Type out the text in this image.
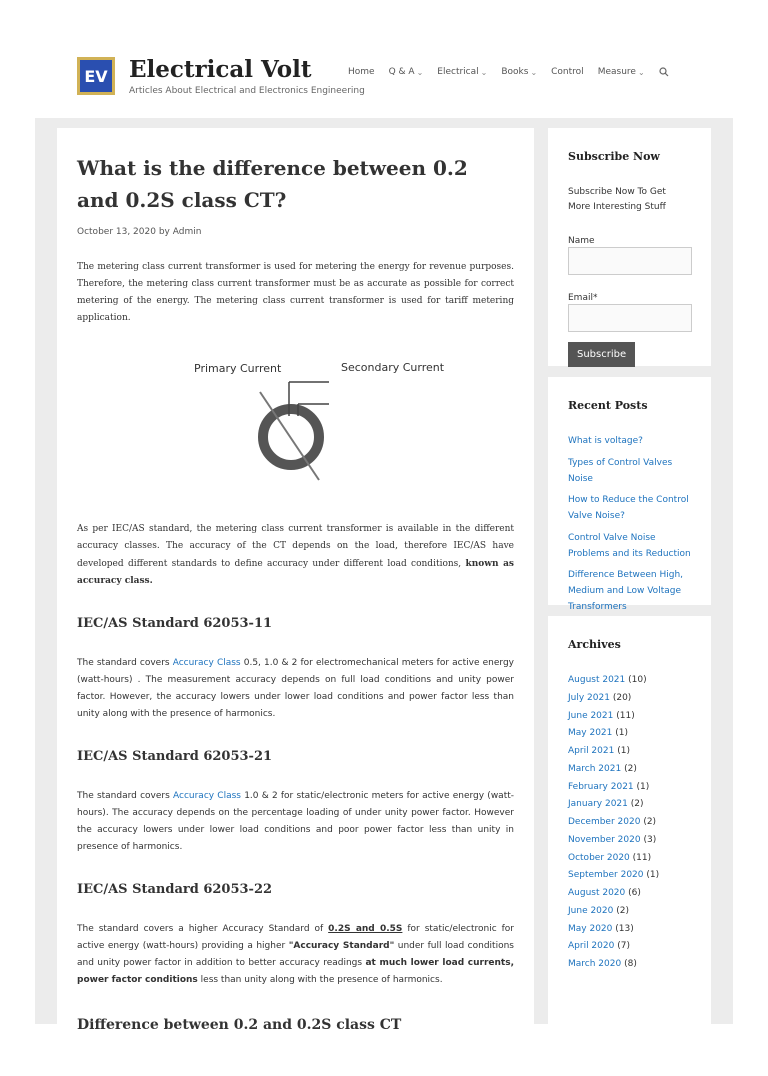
EV Electrical Volt
Articles About Electrical and Electronics Engineering
Home Q & A ⌄ Electrical ⌄ Books ⌄ Control Measure ⌄
What is the difference between 0.2 and 0.2S class CT?
October 13, 2020 by Admin

The metering class current transformer is used for metering the energy for revenue purposes. Therefore, the metering class current transformer must be as accurate as possible for correct metering of the energy. The metering class current transformer is used for tariff metering application.

Primary Current	Secondary Current

As per IEC/AS standard, the metering class current transformer is available in the different accuracy classes. The accuracy of the CT depends on the load, therefore IEC/AS have developed different standards to define accuracy under different load conditions, known as accuracy class.

IEC/AS Standard 62053-11

The standard covers Accuracy Class 0.5, 1.0 & 2 for electromechanical meters for active energy (watt-hours) . The measurement accuracy depends on full load conditions and unity power factor. However, the accuracy lowers under lower load conditions and power factor less than unity along with the presence of harmonics.

IEC/AS Standard 62053-21

The standard covers Accuracy Class 1.0 & 2 for static/electronic meters for active energy (watt-hours). The accuracy depends on the percentage loading of under unity power factor. However the accuracy lowers under lower load conditions and poor power factor less than unity in presence of harmonics.

IEC/AS Standard 62053-22

The standard covers a higher Accuracy Standard of 0.2S and 0.5S for static/electronic for active energy (watt-hours) providing a higher "Accuracy Standard" under full load conditions and unity power factor in addition to better accuracy readings at much lower load currents, power factor conditions less than unity along with the presence of harmonics.

Difference between 0.2 and 0.2S class CT
Subscribe Now

Subscribe Now To Get More Interesting Stuff

Name
Email*
Subscribe
Recent Posts
What is voltage?
Types of Control Valves Noise
How to Reduce the Control Valve Noise?
Control Valve Noise Problems and its Reduction
Difference Between High, Medium and Low Voltage Transformers
Archives
August 2021 (10)
July 2021 (20)
June 2021 (11)
May 2021 (1)
April 2021 (1)
March 2021 (2)
February 2021 (1)
January 2021 (2)
December 2020 (2)
November 2020 (3)
October 2020 (11)
September 2020 (1)
August 2020 (6)
June 2020 (2)
May 2020 (13)
April 2020 (7)
March 2020 (8)
